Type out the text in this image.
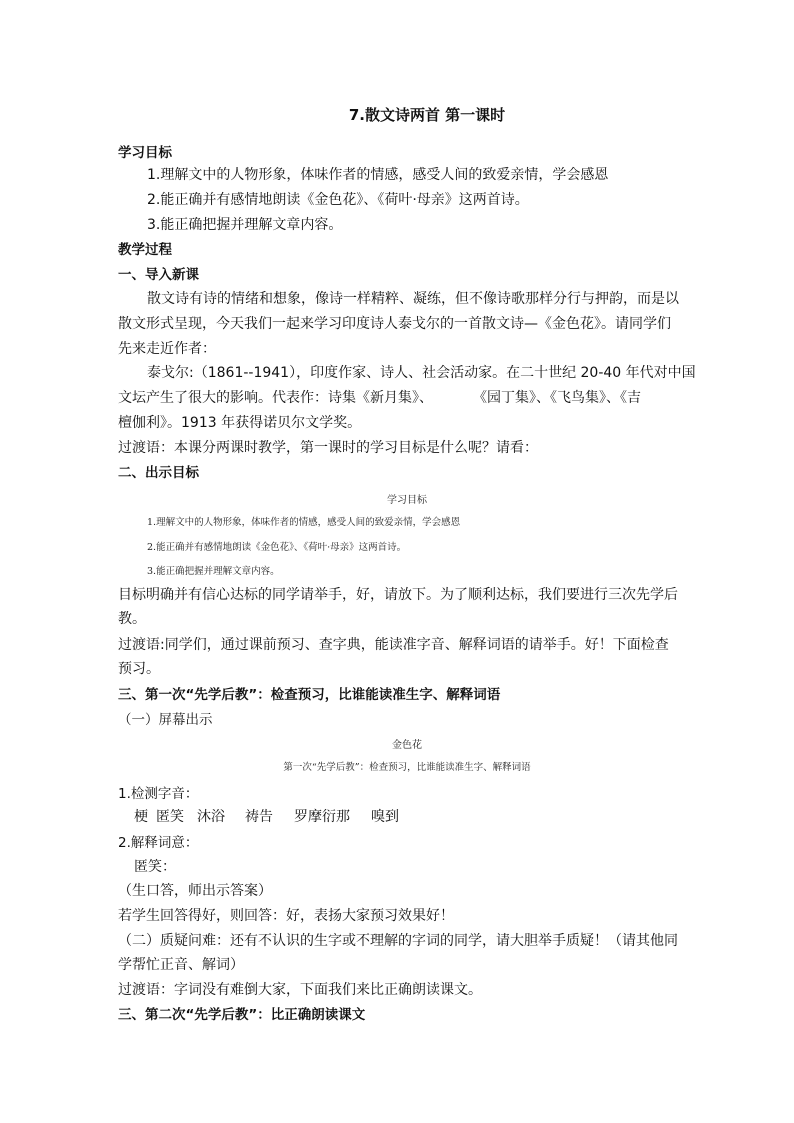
7.散文诗两首 第一课时
学习目标
1.理解文中的人物形象，体味作者的情感，感受人间的致爱亲情，学会感恩
2.能正确并有感情地朗读《金色花》、《荷叶·母亲》这两首诗。
3.能正确把握并理解文章内容。
教学过程
一、导入新课
散文诗有诗的情绪和想象，像诗一样精粹、凝练，但不像诗歌那样分行与押韵，而是以
散文形式呈现，今天我们一起来学习印度诗人泰戈尔的一首散文诗—《金色花》。请同学们
先来走近作者：
泰戈尔:（1861--1941），印度作家、诗人、社会活动家。在二十世纪 20-40 年代对中国
文坛产生了很大的影响。代表作：诗集《新月集》、         《园丁集》、《飞鸟集》、《吉
檀伽利》。1913 年获得诺贝尔文学奖。
过渡语：本课分两课时教学，第一课时的学习目标是什么呢？请看：
二、出示目标
学习目标
1.理解文中的人物形象，体味作者的情感，感受人间的致爱亲情，学会感恩
2.能正确并有感情地朗读《金色花》、《荷叶·母亲》这两首诗。
3.能正确把握并理解文章内容。
目标明确并有信心达标的同学请举手，好，请放下。为了顺利达标，我们要进行三次先学后
教。
过渡语:同学们，通过课前预习、查字典，能读准字音、解释词语的请举手。好！下面检查
预习。
三、第一次“先学后教”：检查预习，比谁能读准生字、解释词语
（一）屏幕出示
金色花
第一次“先学后教”：检查预习，比谁能读准生字、解释词语
1.检测字音：
梗 匿笑 沐浴 祷告 罗摩衍那 嗅到
2.解释词意：
匿笑：
（生口答，师出示答案）
若学生回答得好，则回答：好，表扬大家预习效果好！
（二）质疑问难：还有不认识的生字或不理解的字词的同学，请大胆举手质疑！（请其他同
学帮忙正音、解词）
过渡语：字词没有难倒大家，下面我们来比正确朗读课文。
三、第二次“先学后教”：比正确朗读课文
